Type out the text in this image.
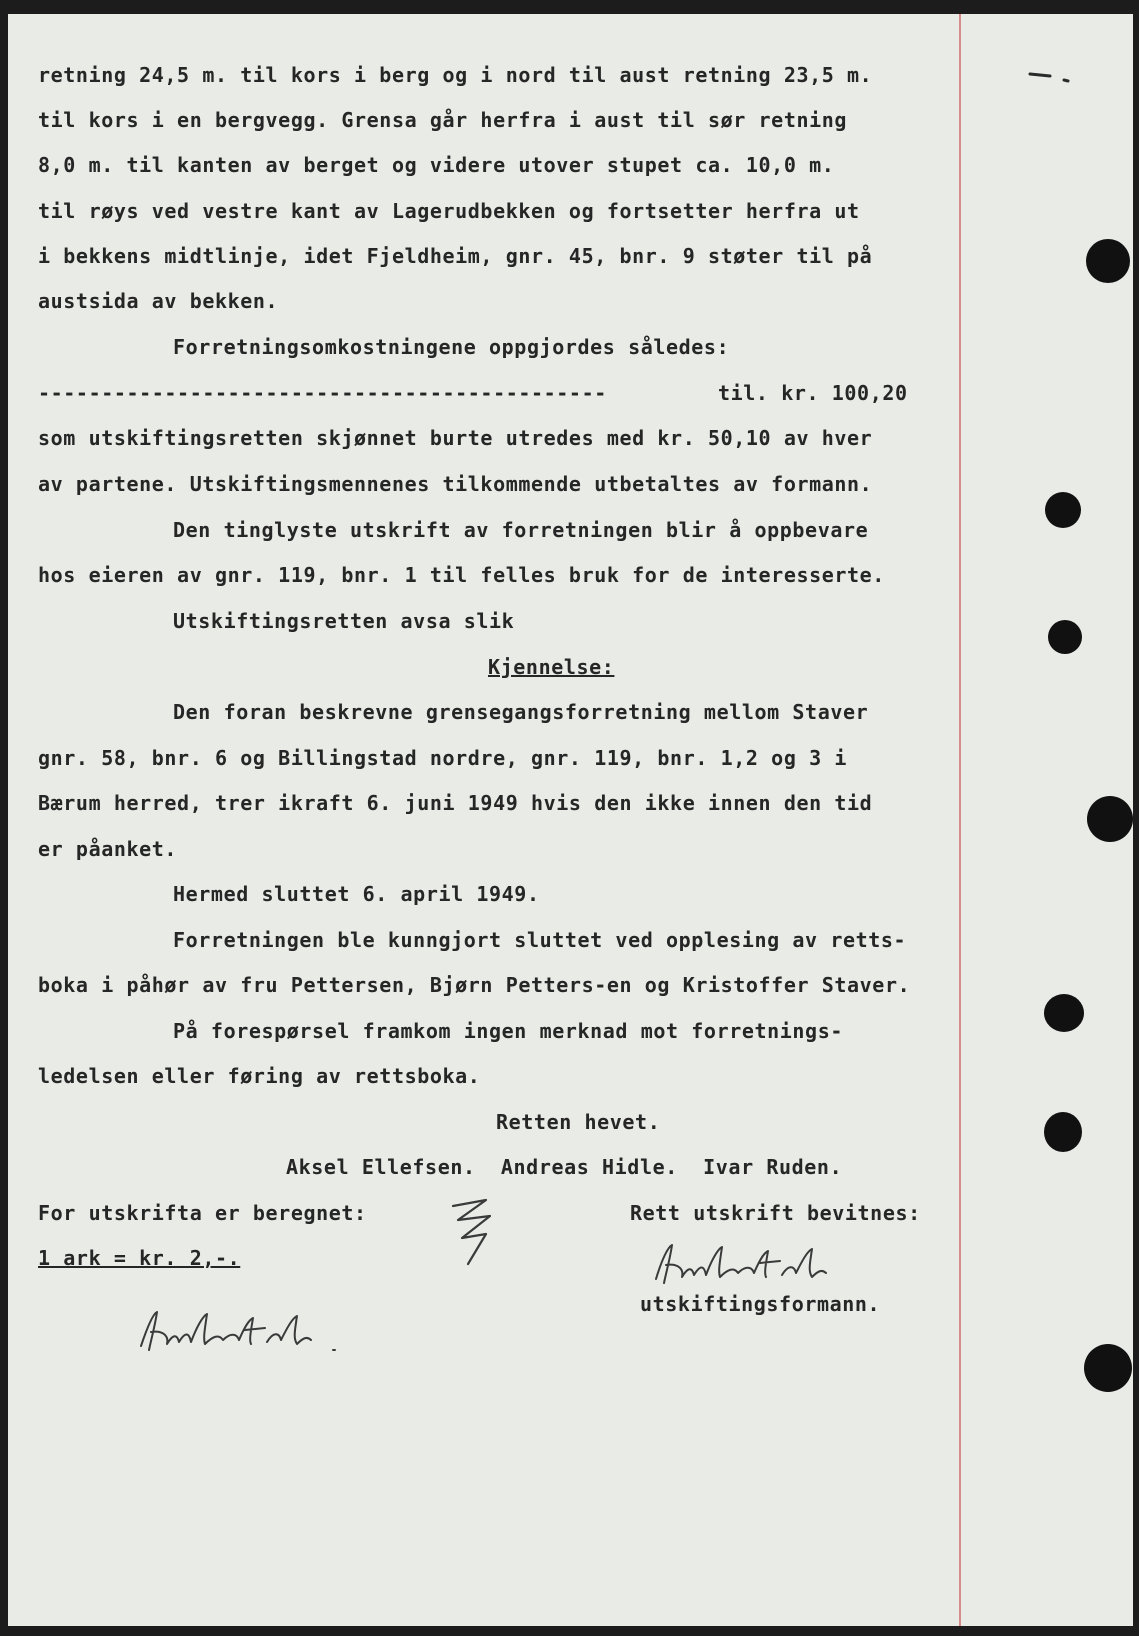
retning 24,5 m. til kors i berg og i nord til aust retning 23,5 m.

til kors i en bergvegg. Grensa går herfra i aust til sør retning

8,0 m. til kanten av berget og videre utover stupet ca. 10,0 m.

til røys ved vestre kant av Lagerudbekken og fortsetter herfra ut

i bekkens midtlinje, idet Fjeldheim, gnr. 45, bnr. 9 støter til på

austsida av bekken.

Forretningsomkostningene oppgjordes således:

---------------------------------------------	til. kr. 100,20

som utskiftingsretten skjønnet burte utredes med kr. 50,10 av hver

av partene. Utskiftingsmennenes tilkommende utbetaltes av formann.

Den tinglyste utskrift av forretningen blir å oppbevare

hos eieren av gnr. 119, bnr. 1 til felles bruk for de interesserte.

Utskiftingsretten avsa slik

Kjennelse:

Den foran beskrevne grensegangsforretning mellom Staver

gnr. 58, bnr. 6 og Billingstad nordre, gnr. 119, bnr. 1,2 og 3 i

Bærum herred, trer ikraft 6. juni 1949 hvis den ikke innen den tid

er påanket.

Hermed sluttet 6. april 1949.

Forretningen ble kunngjort sluttet ved opplesing av retts-

boka i påhør av fru Pettersen, Bjørn Petters-en og Kristoffer Staver.

På forespørsel framkom ingen merknad mot forretnings-

ledelsen eller føring av rettsboka.

Retten hevet.

Aksel Ellefsen.  Andreas Hidle.  Ivar Ruden.

For utskrifta er beregnet:

1 ark = kr. 2,-.

Rett utskrift bevitnes:

utskiftingsformann.
